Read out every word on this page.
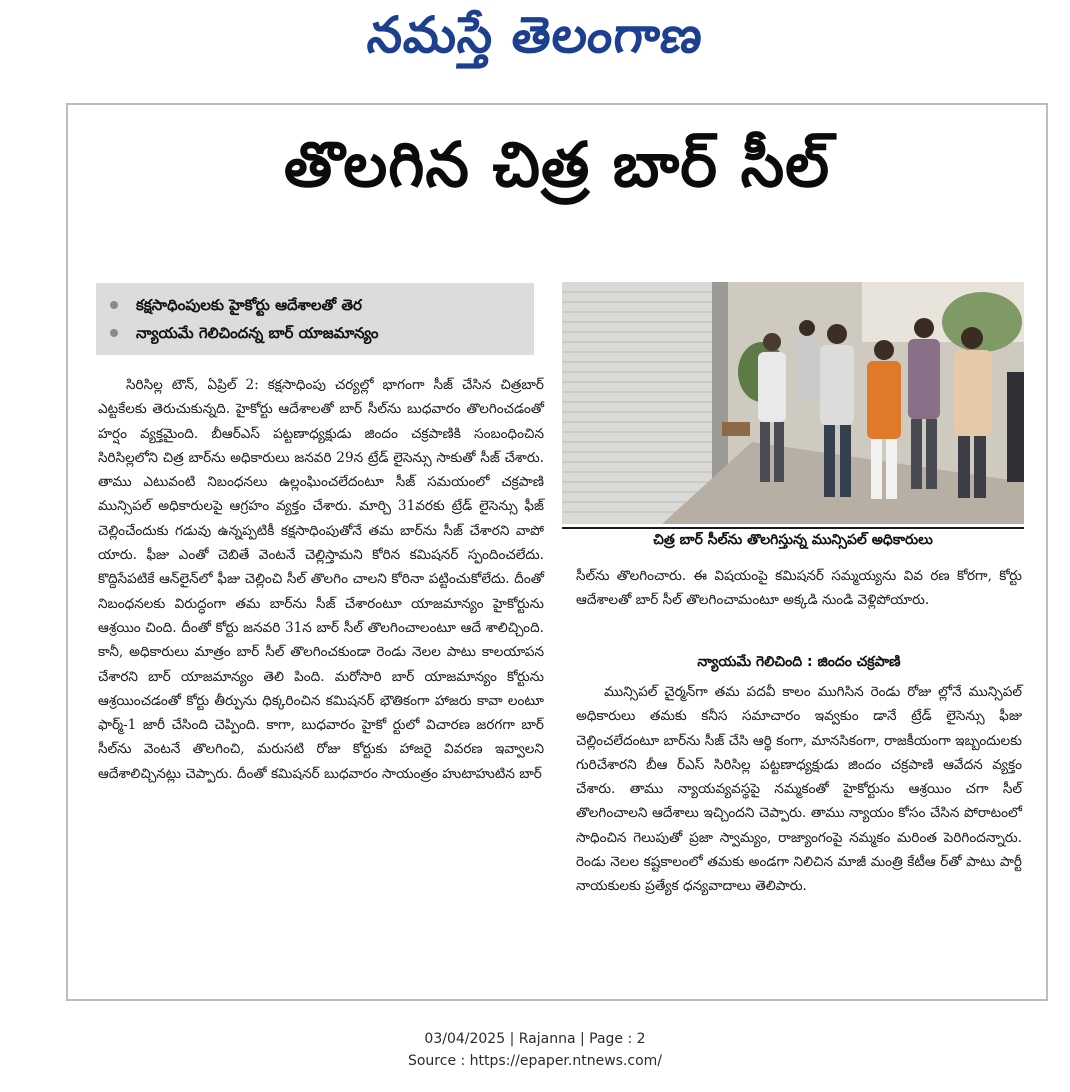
నమస్తే తెలంగాణ
తొలగిన చిత్ర బార్ సీల్
కక్షసాధింపులకు హైకోర్టు ఆదేశాలతో తెర
న్యాయమే గెలిచిందన్న బార్ యాజమాన్యం
చిత్ర బార్ సీల్‌ను తొలగిస్తున్న మున్సిపల్ అధికారులు
సిరిసిల్ల టౌన్, ఏప్రిల్ 2: కక్షసాధింపు చర్యల్లో భాగంగా సీజ్ చేసిన చిత్రబార్ ఎట్టకేలకు తెరుచుకున్నది. హైకోర్టు ఆదేశాలతో బార్ సీల్‌ను బుధవారం తొలగించడంతో హర్షం వ్యక్తమైంది. బీఆర్‌ఎస్ పట్టణాధ్యక్షుడు జిందం చక్రపాణికి సంబంధించిన సిరిసిల్లలోని చిత్ర బార్‌ను అధికారులు జనవరి 29న ట్రేడ్ లైసెన్సు సాకుతో సీజ్ చేశారు. తాము ఎటువంటి నిబంధనలు ఉల్లంఘించలేదంటూ సీజ్ సమయంలో చక్రపాణి మున్సిపల్ అధికారులపై ఆగ్రహం వ్యక్తం చేశారు. మార్చి 31వరకు ట్రేడ్ లైసెన్సు ఫీజ్ చెల్లించేందుకు గడువు ఉన్నప్పటికీ కక్షసాధింపుతోనే తమ బార్‌ను సీజ్ చేశారని వాపో యారు. ఫీజు ఎంతో చెబితే వెంటనే చెల్లిస్తామని కోరిన కమిషనర్ స్పందించలేదు. కొద్దిసేపటికే ఆన్‌లైన్‌లో ఫీజు చెల్లించి సీల్ తొలగిం చాలని కోరినా పట్టించుకోలేదు. దీంతో నిబంధనలకు విరుద్ధంగా తమ బార్‌ను సీజ్ చేశారంటూ యాజమాన్యం హైకోర్టును ఆశ్రయిం చింది. దీంతో కోర్టు జనవరి 31న బార్ సీల్ తొలగించాలంటూ ఆదే శాలిచ్చింది. కానీ, అధికారులు మాత్రం బార్ సీల్ తొలగించకుండా రెండు నెలల పాటు కాలయాపన చేశారని బార్ యాజమాన్యం తెలి పింది. మరోసారి బార్ యాజమాన్యం కోర్టును ఆశ్రయించడంతో కోర్టు తీర్పును ధిక్కరించిన కమిషనర్ భౌతికంగా హాజరు కావా లంటూ ఫార్మ్-1 జారీ చేసింది చెప్పింది. కాగా, బుధవారం హైకో ర్టులో విచారణ జరగగా బార్ సీల్‌ను వెంటనే తొలగించి, మరుసటి రోజు కోర్టుకు హాజరై వివరణ ఇవ్వాలని ఆదేశాలిచ్చినట్లు చెప్పారు. దీంతో కమిషనర్ బుధవారం సాయంత్రం హుటాహుటిన బార్
సీల్‌ను తొలగించారు. ఈ విషయంపై కమిషనర్ సమ్మయ్యను వివ రణ కోరగా, కోర్టు ఆదేశాలతో బార్ సీల్ తొలగించామంటూ అక్కడి నుండి వెళ్లిపోయారు.
న్యాయమే గెలిచింది : జిందం చక్రపాణి
మున్సిపల్ చైర్మన్‌గా తమ పదవీ కాలం ముగిసిన రెండు రోజు ల్లోనే మున్సిపల్ అధికారులు తమకు కనీస సమాచారం ఇవ్వకుం డానే ట్రేడ్ లైసెన్సు ఫీజు చెల్లించలేదంటూ బార్‌ను సీజ్ చేసి ఆర్థి కంగా, మానసికంగా, రాజకీయంగా ఇబ్బందులకు గురిచేశారని బీఆ ర్‌ఎస్ సిరిసిల్ల పట్టణాధ్యక్షుడు జిందం చక్రపాణి ఆవేదన వ్యక్తం చేశారు. తాము న్యాయవ్యవస్థపై నమ్మకంతో హైకోర్టును ఆశ్రయిం చగా సీల్ తొలగించాలని ఆదేశాలు ఇచ్చిందని చెప్పారు. తాము న్యాయం కోసం చేసిన పోరాటంలో సాధించిన గెలుపుతో ప్రజా స్వామ్యం, రాజ్యాంగంపై నమ్మకం మరింత పెరిగిందన్నారు. రెండు నెలల కష్టకాలంలో తమకు అండగా నిలిచిన మాజీ మంత్రి కేటీఆ ర్‌తో పాటు పార్టీ నాయకులకు ప్రత్యేక ధన్యవాదాలు తెలిపారు.
03/04/2025 | Rajanna | Page : 2
Source : https://epaper.ntnews.com/
